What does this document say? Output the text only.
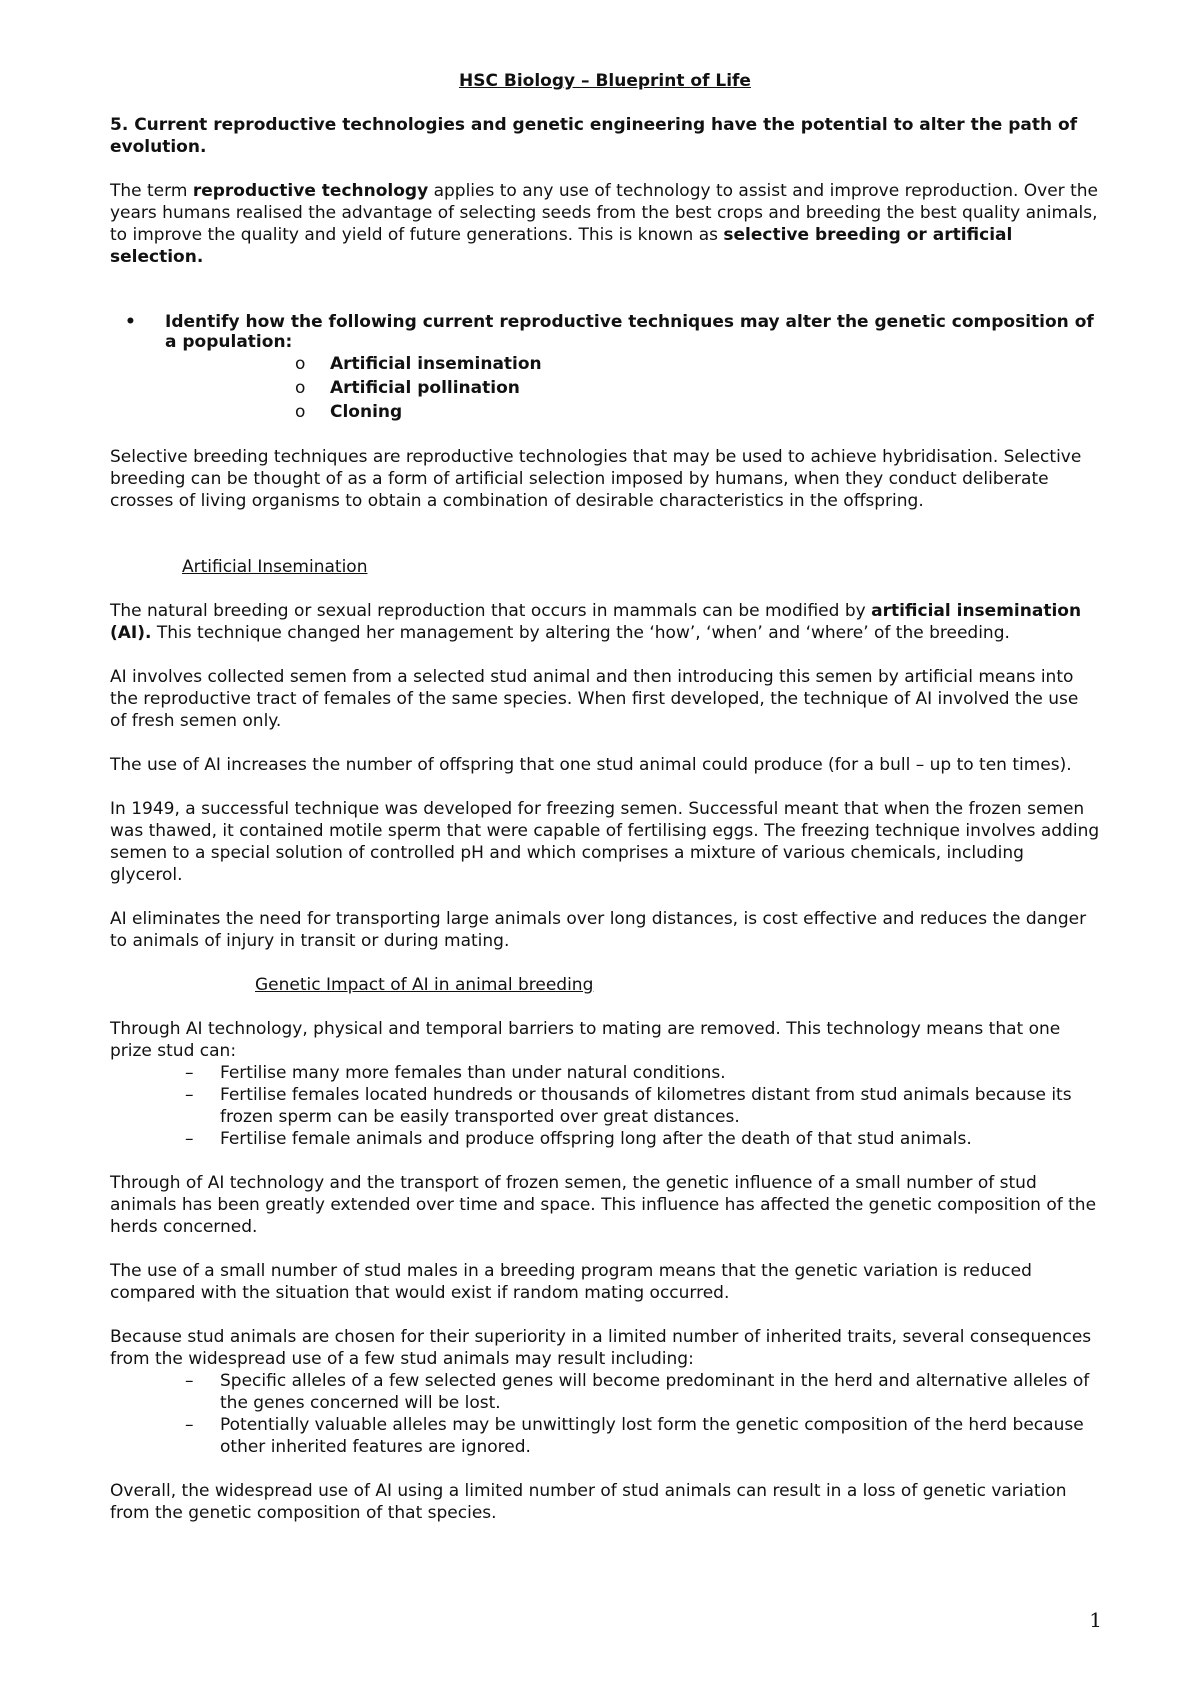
HSC Biology – Blueprint of Life

5. Current reproductive technologies and genetic engineering have the potential to alter the path of evolution.

The term reproductive technology applies to any use of technology to assist and improve reproduction. Over the years humans realised the advantage of selecting seeds from the best crops and breeding the best quality animals, to improve the quality and yield of future generations. This is known as selective breeding or artificial selection.

• Identify how the following current reproductive techniques may alter the genetic composition of a population:
o Artificial insemination
o Artificial pollination
o Cloning

Selective breeding techniques are reproductive technologies that may be used to achieve hybridisation. Selective breeding can be thought of as a form of artificial selection imposed by humans, when they conduct deliberate crosses of living organisms to obtain a combination of desirable characteristics in the offspring.

Artificial Insemination

The natural breeding or sexual reproduction that occurs in mammals can be modified by artificial insemination (AI). This technique changed her management by altering the ‘how’, ‘when’ and ‘where’ of the breeding.

AI involves collected semen from a selected stud animal and then introducing this semen by artificial means into the reproductive tract of females of the same species. When first developed, the technique of AI involved the use of fresh semen only.

The use of AI increases the number of offspring that one stud animal could produce (for a bull – up to ten times).

In 1949, a successful technique was developed for freezing semen. Successful meant that when the frozen semen was thawed, it contained motile sperm that were capable of fertilising eggs. The freezing technique involves adding semen to a special solution of controlled pH and which comprises a mixture of various chemicals, including glycerol.

AI eliminates the need for transporting large animals over long distances, is cost effective and reduces the danger to animals of injury in transit or during mating.

Genetic Impact of AI in animal breeding

Through AI technology, physical and temporal barriers to mating are removed. This technology means that one prize stud can:

– Fertilise many more females than under natural conditions.
– Fertilise females located hundreds or thousands of kilometres distant from stud animals because its frozen sperm can be easily transported over great distances.
– Fertilise female animals and produce offspring long after the death of that stud animals.

Through of AI technology and the transport of frozen semen, the genetic influence of a small number of stud animals has been greatly extended over time and space. This influence has affected the genetic composition of the herds concerned.

The use of a small number of stud males in a breeding program means that the genetic variation is reduced compared with the situation that would exist if random mating occurred.

Because stud animals are chosen for their superiority in a limited number of inherited traits, several consequences from the widespread use of a few stud animals may result including:

– Specific alleles of a few selected genes will become predominant in the herd and alternative alleles of the genes concerned will be lost.
– Potentially valuable alleles may be unwittingly lost form the genetic composition of the herd because other inherited features are ignored.

Overall, the widespread use of AI using a limited number of stud animals can result in a loss of genetic variation from the genetic composition of that species.

1
